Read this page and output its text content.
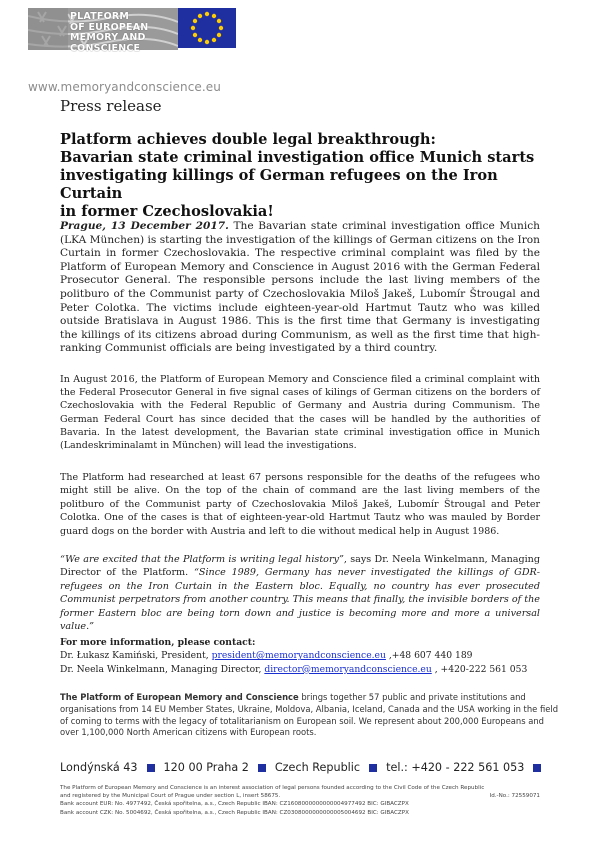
PLATFORM
OF EUROPEAN
MEMORY AND
CONSCIENCE
www.memoryandconscience.eu
Press release
Platform achieves double legal breakthrough:
Bavarian state criminal investigation office Munich starts
investigating killings of German refugees on the Iron Curtain
in former Czechoslovakia!
Prague, 13 December 2017. The Bavarian state criminal investigation office Munich (LKA München) is starting the investigation of the killings of German citizens on the Iron Curtain in former Czechoslovakia. The respective criminal complaint was filed by the Platform of European Memory and Conscience in August 2016 with the German Federal Prosecutor General. The responsible persons include the last living members of the politburo of the Communist party of Czechoslovakia Miloš Jakeš, Lubomír Štrougal and Peter Colotka. The victims include eighteen-year-old Hartmut Tautz who was killed outside Bratislava in August 1986. This is the first time that Germany is investigating the killings of its citizens abroad during Communism, as well as the first time that high-ranking Communist officials are being investigated by a third country.
In August 2016, the Platform of European Memory and Conscience filed a criminal complaint with the Federal Prosecutor General in five signal cases of kilings of German citizens on the borders of Czechoslovakia with the Federal Republic of Germany and Austria during Communism. The German Federal Court has since decided that the cases will be handled by the authorities of Bavaria. In the latest development, the Bavarian state criminal investigation office in Munich (Landeskriminalamt in München) will lead the investigations.
The Platform had researched at least 67 persons responsible for the deaths of the refugees who might still be alive. On the top of the chain of command are the last living members of the politburo of the Communist party of Czechoslovakia Miloš Jakeš, Lubomír Štrougal and Peter Colotka. One of the cases is that of eighteen-year-old Hartmut Tautz who was mauled by Border guard dogs on the border with Austria and left to die without medical help in August 1986.
“We are excited that the Platform is writing legal history”, says Dr. Neela Winkelmann, Managing Director of the Platform. “Since 1989, Germany has never investigated the killings of GDR-refugees on the Iron Curtain in the Eastern bloc. Equally, no country has ever prosecuted Communist perpetrators from another country. This means that finally, the invisible borders of the former Eastern bloc are being torn down and justice is becoming more and more a universal value.”
For more information, please contact:
Dr. Łukasz Kamiński, President, president@memoryandconscience.eu ,+48 607 440 189
Dr. Neela Winkelmann, Managing Director, director@memoryandconscience.eu , +420-222 561 053
The Platform of European Memory and Conscience brings together 57 public and private institutions and organisations from 14 EU Member States, Ukraine, Moldova, Albania, Iceland, Canada and the USA working in the field of coming to terms with the legacy of totalitarianism on European soil. We represent about 200,000 Europeans and over 1,100,000 North American citizens with European roots.
Londýnská 43 120 00 Praha 2 Czech Republic tel.: +420 - 222 561 053
The Platform of European Memory and Conscience is an interest association of legal persons founded according to the Civil Code of the Czech Republic
and registered by the Municipal Court of Prague under section L, insert 58675.	Id.-No.: 72559071
Bank account EUR: No. 4977492, Česká spořitelna, a.s., Czech Republic IBAN: CZ1608000000000004977492 BIC: GIBACZPX
Bank account CZK: No. 5004692, Česká spořitelna, a.s., Czech Republic IBAN: CZ0308000000000005004692 BIC: GIBACZPX
